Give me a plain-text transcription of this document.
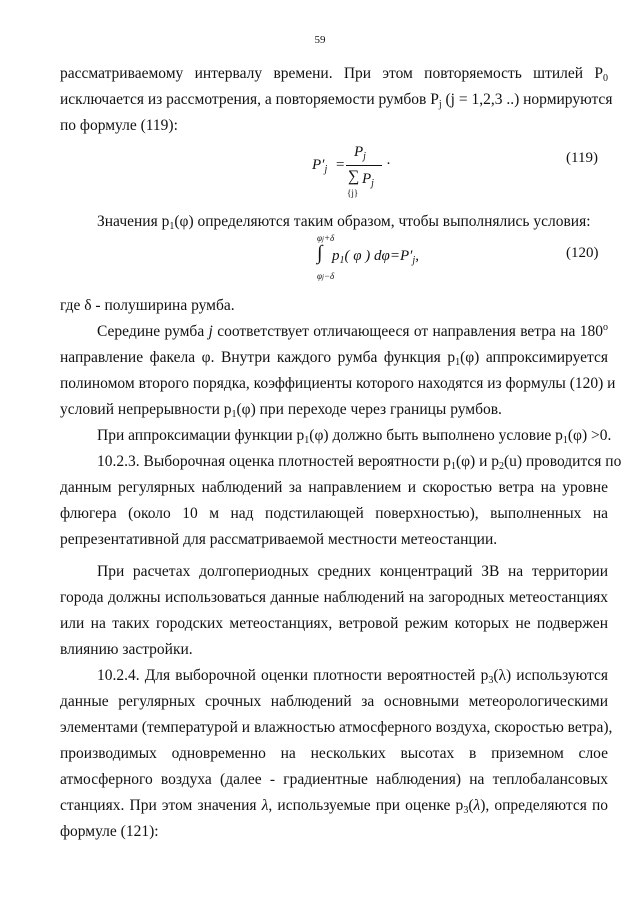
59
рассматриваемому интервалу времени. При этом повторяемость штилей $P_0$
исключается из рассмотрения, а повторяемости румбов $P_j$ (j = 1,2,3 ..) нормируются
по формуле (119):
$P'_j$ =
$P_j$
∑ $P_j$
{j}
·	(119)
Значения $p_1(\varphi)$ определяются таким образом, чтобы выполнялись условия:
φj+δ
∫ $p_1$( φ ) $d\varphi=P'_j$,
φj−δ
(120)
где δ - полуширина румба.
Середине румба j соответствует отличающееся от направления ветра на 180$^o$
направление факела φ. Внутри каждого румба функция $p_1(\varphi)$ аппроксимируется
полиномом второго порядка, коэффициенты которого находятся из формулы (120) и
условий непрерывности $p_1(\varphi)$ при переходе через границы румбов.
При аппроксимации функции $p_1(\varphi)$ должно быть выполнено условие $p_1(\varphi) >0$.
10.2.3. Выборочная оценка плотностей вероятности $p_1(\varphi)$ и $p_2(u)$ проводится по
данным регулярных наблюдений за направлением и скоростью ветра на уровне
флюгера (около 10 м над подстилающей поверхностью), выполненных на
репрезентативной для рассматриваемой местности метеостанции.
При расчетах долгопериодных средних концентраций ЗВ на территории
города должны использоваться данные наблюдений на загородных метеостанциях
или на таких городских метеостанциях, ветровой режим которых не подвержен
влиянию застройки.
10.2.4. Для выборочной оценки плотности вероятностей $p_3(\lambda)$ используются
данные регулярных срочных наблюдений за основными метеорологическими
элементами (температурой и влажностью атмосферного воздуха, скоростью ветра),
производимых одновременно на нескольких высотах в приземном слое
атмосферного воздуха (далее - градиентные наблюдения) на теплобалансовых
станциях. При этом значения λ, используемые при оценке $p_3(\lambda)$, определяются по
формуле (121):
